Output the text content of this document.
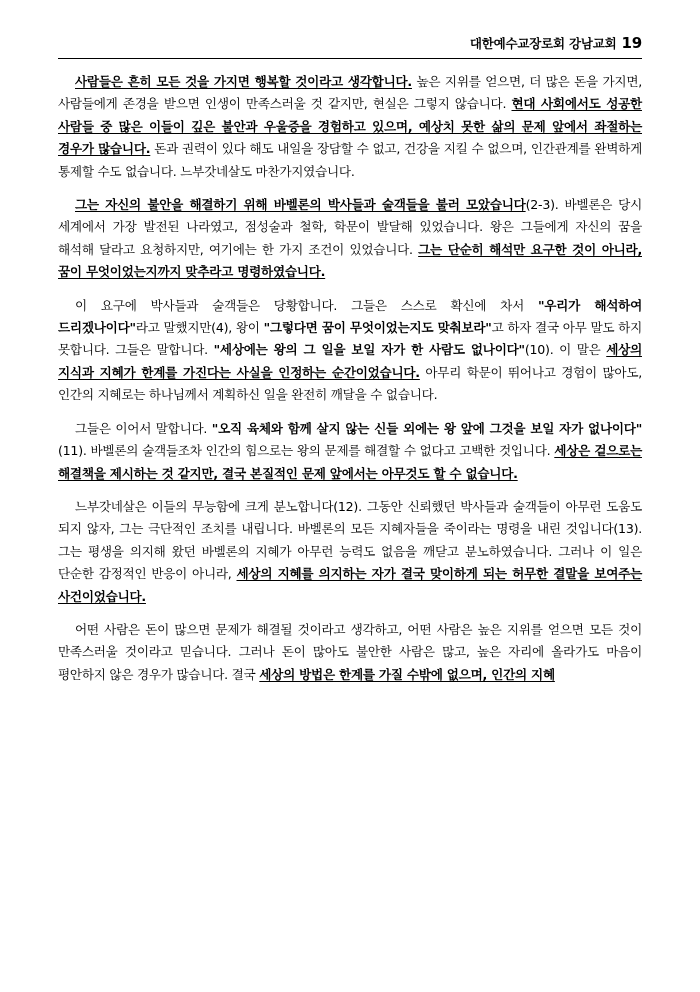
대한예수교장로회 강남교회 19

사람들은 흔히 모든 것을 가지면 행복할 것이라고 생각합니다. 높은 지위를 얻으면, 더 많은 돈을 가지면, 사람들에게 존경을 받으면 인생이 만족스러울 것 같지만, 현실은 그렇지 않습니다. 현대 사회에서도 성공한 사람들 중 많은 이들이 깊은 불안과 우울증을 경험하고 있으며, 예상치 못한 삶의 문제 앞에서 좌절하는 경우가 많습니다. 돈과 권력이 있다 해도 내일을 장담할 수 없고, 건강을 지킬 수 없으며, 인간관계를 완벽하게 통제할 수도 없습니다. 느부갓네살도 마찬가지였습니다.

그는 자신의 불안을 해결하기 위해 바벨론의 박사들과 술객들을 불러 모았습니다(2-3). 바벨론은 당시 세계에서 가장 발전된 나라였고, 점성술과 철학, 학문이 발달해 있었습니다. 왕은 그들에게 자신의 꿈을 해석해 달라고 요청하지만, 여기에는 한 가지 조건이 있었습니다. 그는 단순히 해석만 요구한 것이 아니라, 꿈이 무엇이었는지까지 맞추라고 명령하였습니다.

이 요구에 박사들과 술객들은 당황합니다. 그들은 스스로 확신에 차서 "우리가 해석하여 드리겠나이다"라고 말했지만(4), 왕이 "그렇다면 꿈이 무엇이었는지도 맞춰보라"고 하자 결국 아무 말도 하지 못합니다. 그들은 말합니다. "세상에는 왕의 그 일을 보일 자가 한 사람도 없나이다"(10). 이 말은 세상의 지식과 지혜가 한계를 가진다는 사실을 인정하는 순간이었습니다. 아무리 학문이 뛰어나고 경험이 많아도, 인간의 지혜로는 하나님께서 계획하신 일을 완전히 깨달을 수 없습니다.

그들은 이어서 말합니다. "오직 육체와 함께 살지 않는 신들 외에는 왕 앞에 그것을 보일 자가 없나이다"(11). 바벨론의 술객들조차 인간의 힘으로는 왕의 문제를 해결할 수 없다고 고백한 것입니다. 세상은 겉으로는 해결책을 제시하는 것 같지만, 결국 본질적인 문제 앞에서는 아무것도 할 수 없습니다.

느부갓네살은 이들의 무능함에 크게 분노합니다(12). 그동안 신뢰했던 박사들과 술객들이 아무런 도움도 되지 않자, 그는 극단적인 조치를 내립니다. 바벨론의 모든 지혜자들을 죽이라는 명령을 내린 것입니다(13). 그는 평생을 의지해 왔던 바벨론의 지혜가 아무런 능력도 없음을 깨닫고 분노하였습니다. 그러나 이 일은 단순한 감정적인 반응이 아니라, 세상의 지혜를 의지하는 자가 결국 맞이하게 되는 허무한 결말을 보여주는 사건이었습니다.

어떤 사람은 돈이 많으면 문제가 해결될 것이라고 생각하고, 어떤 사람은 높은 지위를 얻으면 모든 것이 만족스러울 것이라고 믿습니다. 그러나 돈이 많아도 불안한 사람은 많고, 높은 자리에 올라가도 마음이 평안하지 않은 경우가 많습니다. 결국 세상의 방법은 한계를 가질 수밖에 없으며, 인간의 지혜
